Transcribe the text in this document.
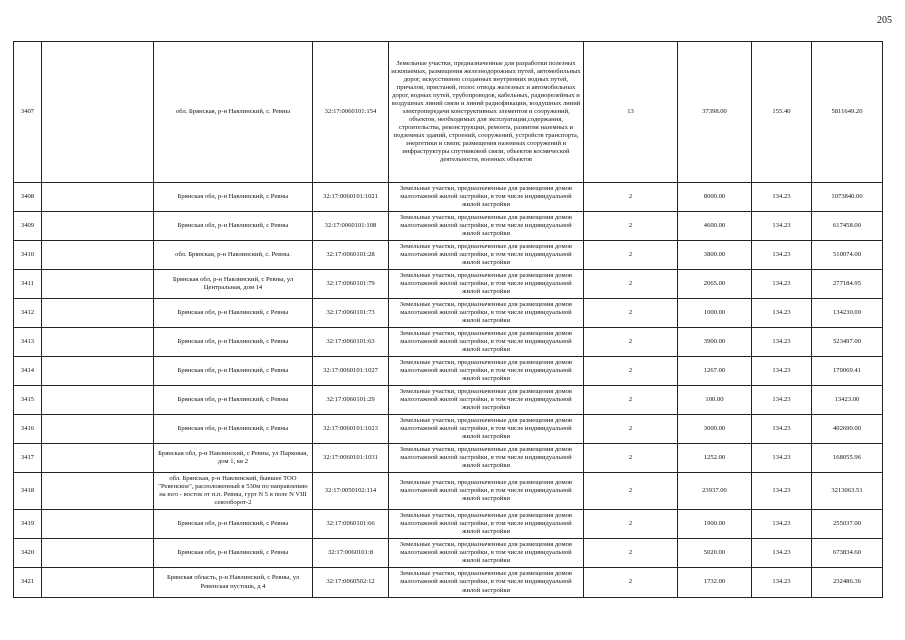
205
3407		обл. Брянская, р-н Навлинский, с. Ревны	32:17:0060101:154	Земельные участки, предназначенные для разработки полезных ископаемых, размещения железнодорожных путей, автомобильных дорог, искусственно созданных внутренних водных путей, причалов, пристаней, полос отвода железных и автомобильных дорог, водных путей, трубопроводов, кабельных, радиорелейных и воздушных линий связи и линий радиофикации, воздушных линий электропередачи конструктивных элементов и сооружений, объектов, необходимых для эксплуатации,содержания, строительства, реконструкции, ремонта, развития наземных и подземных зданий, строений, сооружений, устройств транспорта, энергетики и связи; размещения наземных сооружений и инфраструктуры спутниковой связи, объектов космической деятельности, военных объектов	13	37398.00	155.40	5811649.20
3408		Брянская обл, р-н Навлинский, с Ревны	32:17:0060101:1021	Земельные участки, предназначенные для размещения домов малоэтажной жилой застройки, в том числе индивидуальной жилой застройки	2	8000.00	134.23	1073840.00
3409		Брянская обл, р-н Навлинский, с Ревны	32:17:0060101:108	Земельные участки, предназначенные для размещения домов малоэтажной жилой застройки, в том числе индивидуальной жилой застройки	2	4600.00	134.23	617458.00
3410		обл. Брянская, р-н Навлинский, с. Ревны.	32:17:0060101:28	Земельные участки, предназначенные для размещения домов малоэтажной жилой застройки, в том числе индивидуальной жилой застройки	2	3800.00	134.23	510074.00
3411		Брянская обл, р-н Навлинский, с Ревны, ул Центральная, дом 14	32:17:0060101:79	Земельные участки, предназначенные для размещения домов малоэтажной жилой застройки, в том числе индивидуальной жилой застройки	2	2065.00	134.23	277184.95
3412		Брянская обл, р-н Навлинский, с Ревны	32:17:0060101:73	Земельные участки, предназначенные для размещения домов малоэтажной жилой застройки, в том числе индивидуальной жилой застройки	2	1000.00	134.23	134230.00
3413		Брянская обл, р-н Навлинский, с Ревны	32:17:0060101:63	Земельные участки, предназначенные для размещения домов малоэтажной жилой застройки, в том числе индивидуальной жилой застройки	2	3900.00	134.23	523497.00
3414		Брянская обл, р-н Навлинский, с Ревны	32:17:0060101:1027	Земельные участки, предназначенные для размещения домов малоэтажной жилой застройки, в том числе индивидуальной жилой застройки	2	1267.00	134.23	170069.41
3415		Брянская обл, р-н Навлинский, с Ревны	32:17:0060101:29	Земельные участки, предназначенные для размещения домов малоэтажной жилой застройки, в том числе индивидуальной жилой застройки	2	100.00	134.23	13423.00
3416		Брянская обл, р-н Навлинский, с Ревны	32:17:0060101:1023	Земельные участки, предназначенные для размещения домов малоэтажной жилой застройки, в том числе индивидуальной жилой застройки	2	3000.00	134.23	402690.00
3417		Брянская обл, р-н Навлинский, с Ревны, ул Парковая, дом 1, кв 2	32:17:0060101:1031	Земельные участки, предназначенные для размещения домов малоэтажной жилой застройки, в том числе индивидуальной жилой застройки	2	1252.00	134.23	168055.96
3418		обл. Брянская, р-н Навлинский, бывшее ТОО "Ревенское", расположенный в 530м по направлению на юго - восток от н.п. Ревны, гурт N 5 в поле N VIII севооборот-2	32:17:0050102:114	Земельные участки, предназначенные для размещения домов малоэтажной жилой застройки, в том числе индивидуальной жилой застройки	2	23937.00	134.23	3213063.51
3419		Брянская обл, р-н Навлинский, с Ревны	32:17:0060101:66	Земельные участки, предназначенные для размещения домов малоэтажной жилой застройки, в том числе индивидуальной жилой застройки	2	1900.00	134.23	255037.00
3420		Брянская обл, р-н Навлинский, с Ревны	32:17:0060101:8	Земельные участки, предназначенные для размещения домов малоэтажной жилой застройки, в том числе индивидуальной жилой застройки	2	5020.00	134.23	673834.60
3421		Брянская область, р-н Навлинский, с Ревны, ул Ревенская пустошь, д 4	32:17:0060502:12	Земельные участки, предназначенные для размещения домов малоэтажной жилой застройки, в том числе индивидуальной жилой застройки	2	1732.00	134.23	232486.36
